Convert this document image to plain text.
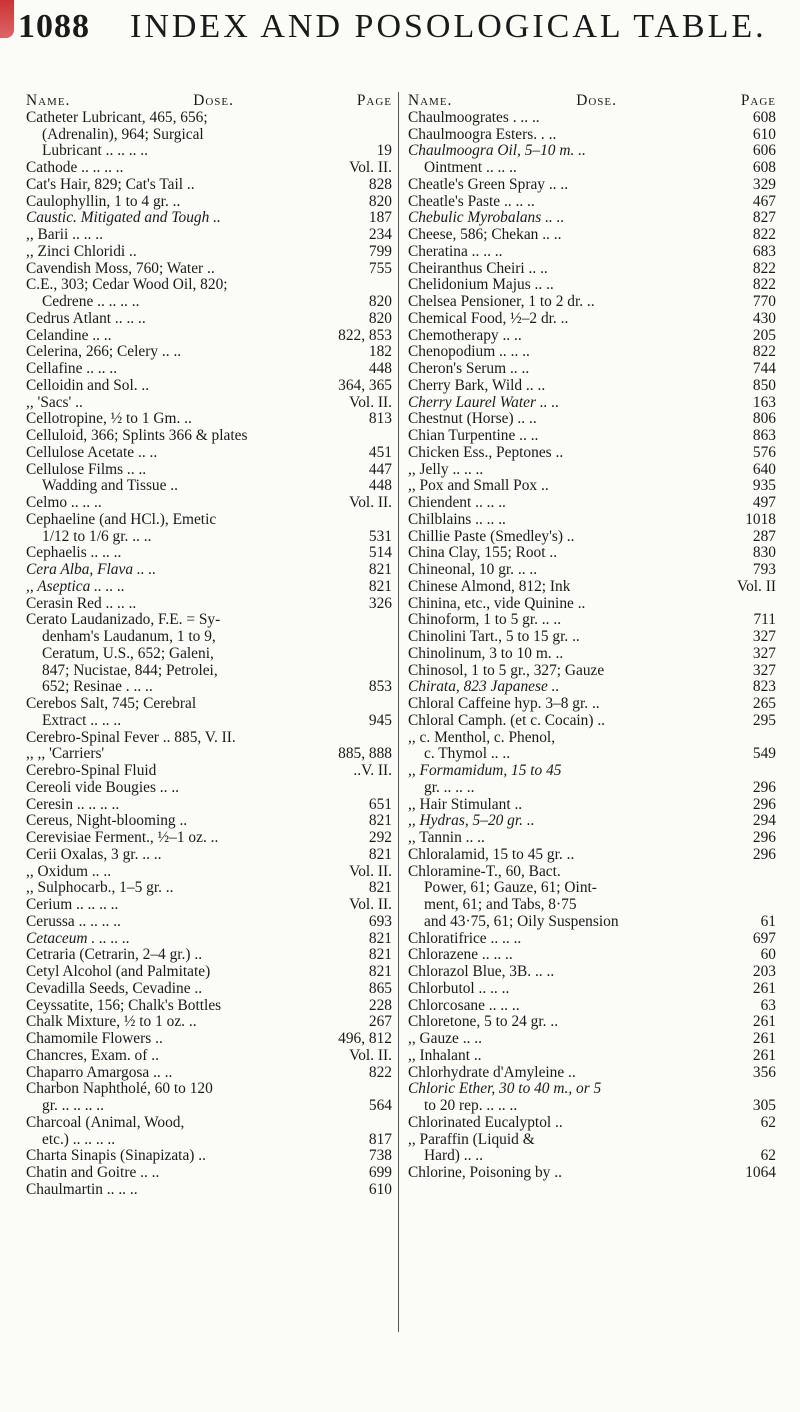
1088 INDEX AND POSOLOGICAL TABLE.
Name.	Dose.	Page
Catheter Lubricant, 465, 656;
(Adrenalin), 964; Surgical
Lubricant .. .. .. ..	19
Cathode .. .. .. ..	Vol. II.
Cat's Hair, 829; Cat's Tail ..	828
Caulophyllin, 1 to 4 gr. ..	820
Caustic. Mitigated and Tough ..	187
,, Barii .. .. ..	234
,, Zinci Chloridi ..	799
Cavendish Moss, 760; Water ..	755
C.E., 303; Cedar Wood Oil, 820;
Cedrene .. .. .. ..	820
Cedrus Atlant .. .. ..	820
Celandine .. ..	822, 853
Celerina, 266; Celery .. ..	182
Cellafine .. .. ..	448
Celloidin and Sol. ..	364, 365
,, 'Sacs' ..	Vol. II.
Cellotropine, ½ to 1 Gm. ..	813
Celluloid, 366; Splints 366 & plates
Cellulose Acetate .. ..	451
Cellulose Films .. ..	447
Wadding and Tissue ..	448
Celmo .. .. ..	Vol. II.
Cephaeline (and HCl.), Emetic
1/12 to 1/6 gr. .. ..	531
Cephaelis .. .. ..	514
Cera Alba, Flava .. ..	821
,, Aseptica .. .. ..	821
Cerasin Red .. .. ..	326
Cerato Laudanizado, F.E. = Sy-
denham's Laudanum, 1 to 9,
Ceratum, U.S., 652; Galeni,
847; Nucistae, 844; Petrolei,
652; Resinae . .. ..	853
Cerebos Salt, 745; Cerebral
Extract .. .. ..	945
Cerebro-Spinal Fever .. 885, V. II.
,, ,, 'Carriers'	885, 888
Cerebro-Spinal Fluid	..V. II.
Cereoli vide Bougies .. ..
Ceresin .. .. .. ..	651
Cereus, Night-blooming ..	821
Cerevisiae Ferment., ½–1 oz. ..	292
Cerii Oxalas, 3 gr. .. ..	821
,, Oxidum .. ..	Vol. II.
,, Sulphocarb., 1–5 gr. ..	821
Cerium .. .. .. ..	Vol. II.
Cerussa .. .. .. ..	693
Cetaceum . .. .. ..	821
Cetraria (Cetrarin, 2–4 gr.) ..	821
Cetyl Alcohol (and Palmitate)	821
Cevadilla Seeds, Cevadine ..	865
Ceyssatite, 156; Chalk's Bottles	228
Chalk Mixture, ½ to 1 oz. ..	267
Chamomile Flowers ..	496, 812
Chancres, Exam. of ..	Vol. II.
Chaparro Amargosa .. ..	822
Charbon Naphtholé, 60 to 120
gr. .. .. .. ..	564
Charcoal (Animal, Wood,
etc.) .. .. .. ..	817
Charta Sinapis (Sinapizata) ..	738
Chatin and Goitre .. ..	699
Chaulmartin .. .. ..	610
Name.	Dose.	Page
Chaulmoogrates . .. ..	608
Chaulmoogra Esters. . ..	610
Chaulmoogra Oil, 5–10 m. ..	606
Ointment .. .. ..	608
Cheatle's Green Spray .. ..	329
Cheatle's Paste .. .. ..	467
Chebulic Myrobalans .. ..	827
Cheese, 586; Chekan .. ..	822
Cheratina .. .. ..	683
Cheiranthus Cheiri .. ..	822
Chelidonium Majus .. ..	822
Chelsea Pensioner, 1 to 2 dr. ..	770
Chemical Food, ½–2 dr. ..	430
Chemotherapy .. ..	205
Chenopodium .. .. ..	822
Cheron's Serum .. ..	744
Cherry Bark, Wild .. ..	850
Cherry Laurel Water .. ..	163
Chestnut (Horse) .. ..	806
Chian Turpentine .. ..	863
Chicken Ess., Peptones ..	576
,, Jelly .. .. ..	640
,, Pox and Small Pox ..	935
Chiendent .. .. ..	497
Chilblains .. .. ..	1018
Chillie Paste (Smedley's) ..	287
China Clay, 155; Root ..	830
Chineonal, 10 gr. .. ..	793
Chinese Almond, 812; Ink	Vol. II
Chinina, etc., vide Quinine ..
Chinoform, 1 to 5 gr. .. ..	711
Chinolini Tart., 5 to 15 gr. ..	327
Chinolinum, 3 to 10 m. ..	327
Chinosol, 1 to 5 gr., 327; Gauze	327
Chirata, 823 Japanese ..	823
Chloral Caffeine hyp. 3–8 gr. ..	265
Chloral Camph. (et c. Cocain) ..	295
,, c. Menthol, c. Phenol,
c. Thymol .. ..	549
,, Formamidum, 15 to 45
gr. .. .. ..	296
,, Hair Stimulant ..	296
,, Hydras, 5–20 gr. ..	294
,, Tannin .. ..	296
Chloralamid, 15 to 45 gr. ..	296
Chloramine-T., 60, Bact.
Power, 61; Gauze, 61; Oint-
ment, 61; and Tabs, 8·75
and 43·75, 61; Oily Suspension	61
Chloratifrice .. .. ..	697
Chlorazene .. .. ..	60
Chlorazol Blue, 3B. .. ..	203
Chlorbutol .. .. ..	261
Chlorcosane .. .. ..	63
Chloretone, 5 to 24 gr. ..	261
,, Gauze .. ..	261
,, Inhalant ..	261
Chlorhydrate d'Amyleine ..	356
Chloric Ether, 30 to 40 m., or 5
to 20 rep. .. .. ..	305
Chlorinated Eucalyptol ..	62
,, Paraffin (Liquid &
Hard) .. ..	62
Chlorine, Poisoning by ..	1064
